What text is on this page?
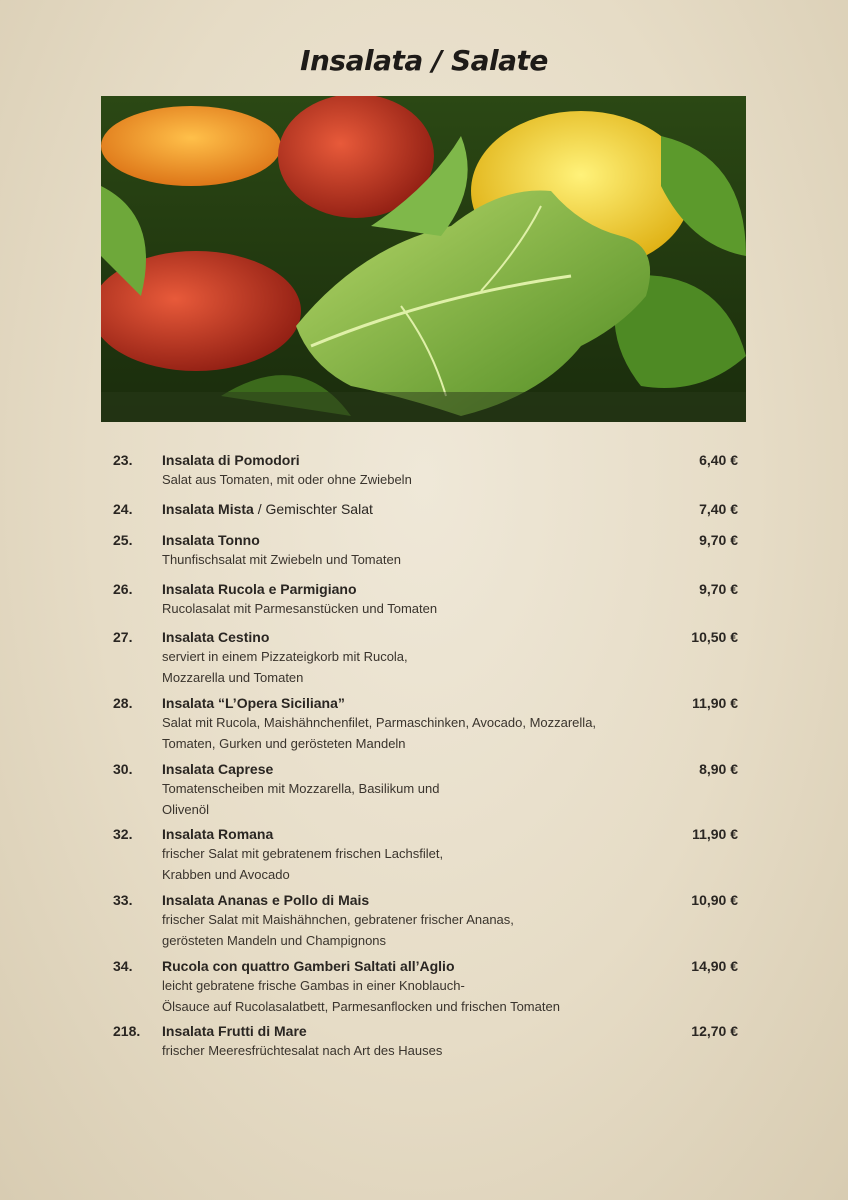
Insalata / Salate
23. Insalata di Pomodori
Salat aus Tomaten, mit oder ohne Zwiebeln
6,40 €
24. Insalata Mista / Gemischter Salat	7,40 €
25. Insalata Tonno
Thunfischsalat mit Zwiebeln und Tomaten
9,70 €
26. Insalata Rucola e Parmigiano
Rucolasalat mit Parmesanstücken und Tomaten
9,70 €
27. Insalata Cestino
serviert in einem Pizzateigkorb mit Rucola,
Mozzarella und Tomaten
10,50 €
28. Insalata “L’Opera Siciliana”
Salat mit Rucola, Maishähnchenfilet, Parmaschinken, Avocado, Mozzarella,
Tomaten, Gurken und gerösteten Mandeln
11,90 €
30. Insalata Caprese
Tomatenscheiben mit Mozzarella, Basilikum und
Olivenöl
8,90 €
32. Insalata Romana
frischer Salat mit gebratenem frischen Lachsfilet,
Krabben und Avocado
11,90 €
33. Insalata Ananas e Pollo di Mais
frischer Salat mit Maishähnchen, gebratener frischer Ananas,
gerösteten Mandeln und Champignons
10,90 €
34. Rucola con quattro Gamberi Saltati all’Aglio
leicht gebratene frische Gambas in einer Knoblauch-
Ölsauce auf Rucolasalatbett, Parmesanflocken und frischen Tomaten
14,90 €
218. Insalata Frutti di Mare
frischer Meeresfrüchtesalat nach Art des Hauses
12,70 €
